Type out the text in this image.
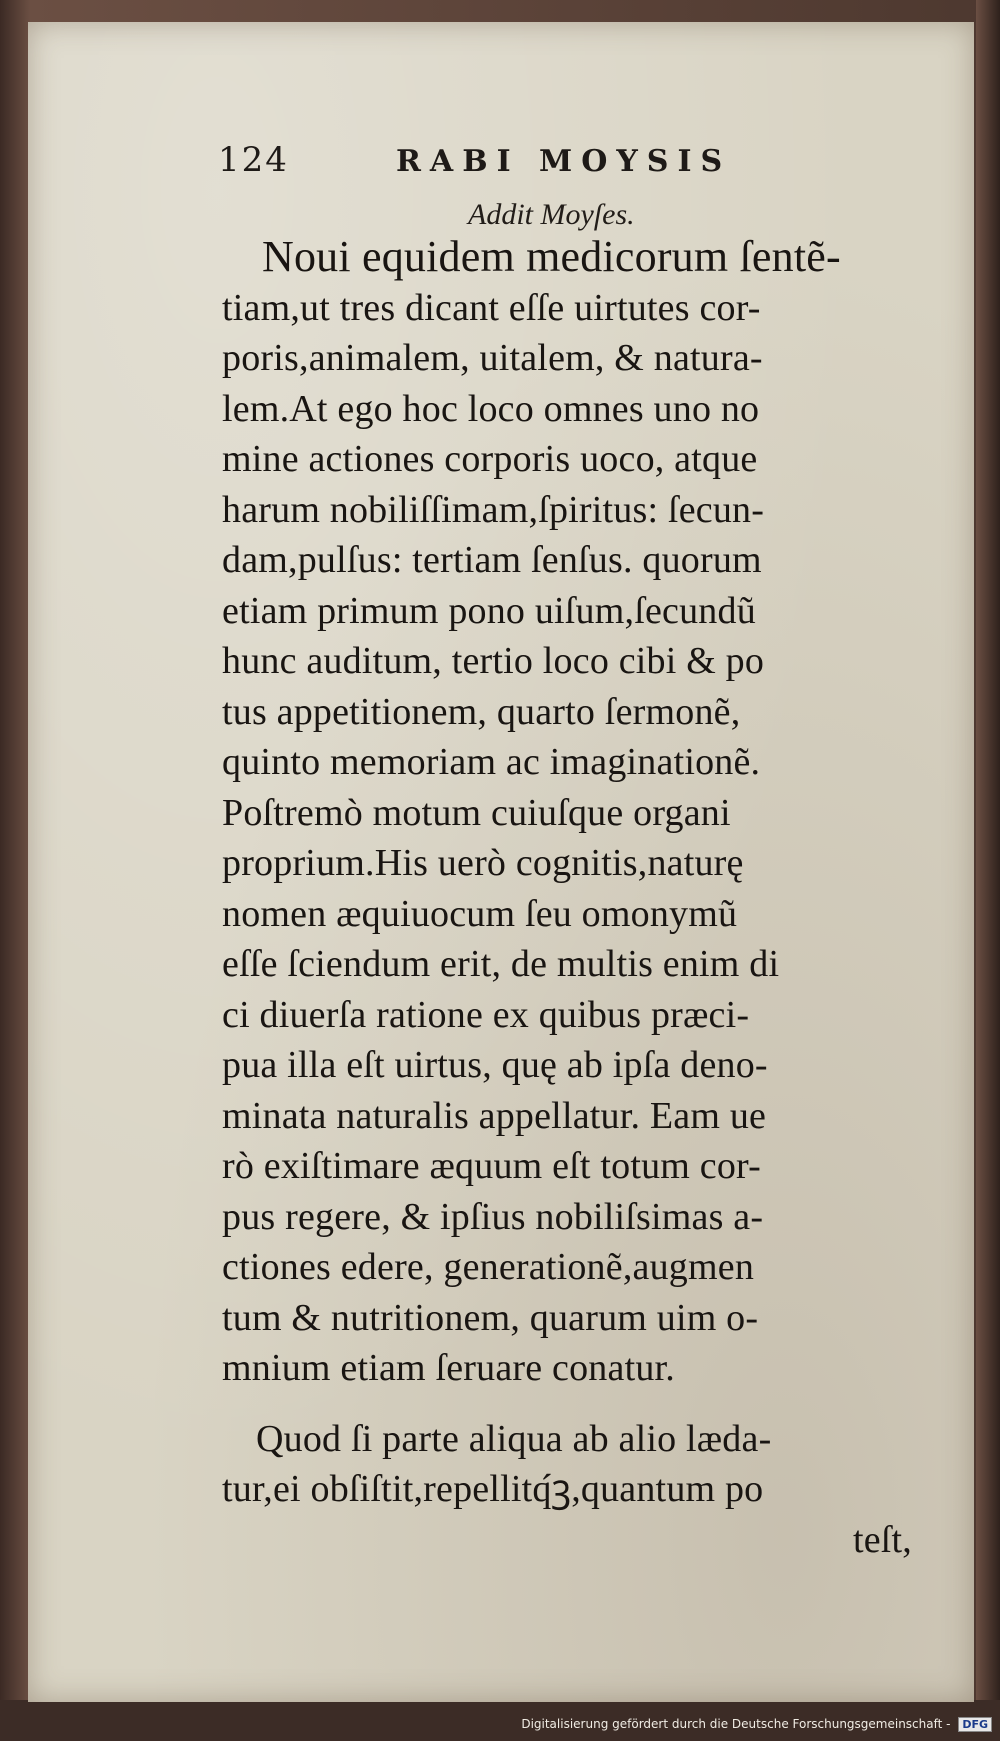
124	RABI MOYSIS
Addit Moyſes.
Noui equidem medicorum ſentẽ-
tiam,ut tres dicant eſſe uirtutes cor-
poris,animalem, uitalem, & natura-
lem.At ego hoc loco omnes uno no
mine actiones corporis uoco, atque
harum nobiliſſimam,ſpiritus: ſecun-
dam,pulſus: tertiam ſenſus. quorum
etiam primum pono uiſum,ſecundũ
hunc auditum, tertio loco cibi & po
tus appetitionem, quarto ſermonẽ,
quinto memoriam ac imaginationẽ.
Poſtremò motum cuiuſque organi
proprium.His uerò cognitis,naturę
nomen æquiuocum ſeu omonymũ
eſſe ſciendum erit, de multis enim di
ci diuerſa ratione ex quibus præci-
pua illa eſt uirtus, quę ab ipſa deno-
minata naturalis appellatur. Eam ue
rò exiſtimare æquum eſt totum cor-
pus regere, & ipſius nobiliſsimas a-
ctiones edere, generationẽ,augmen
tum & nutritionem, quarum uim o-
mnium etiam ſeruare conatur.
Quod ſi parte aliqua ab alio læda-
tur,ei obſiſtit,repellitq́ꝫ,quantum po
teſt,
Digitalisierung gefördert durch die Deutsche Forschungsgemeinschaft - DFG
